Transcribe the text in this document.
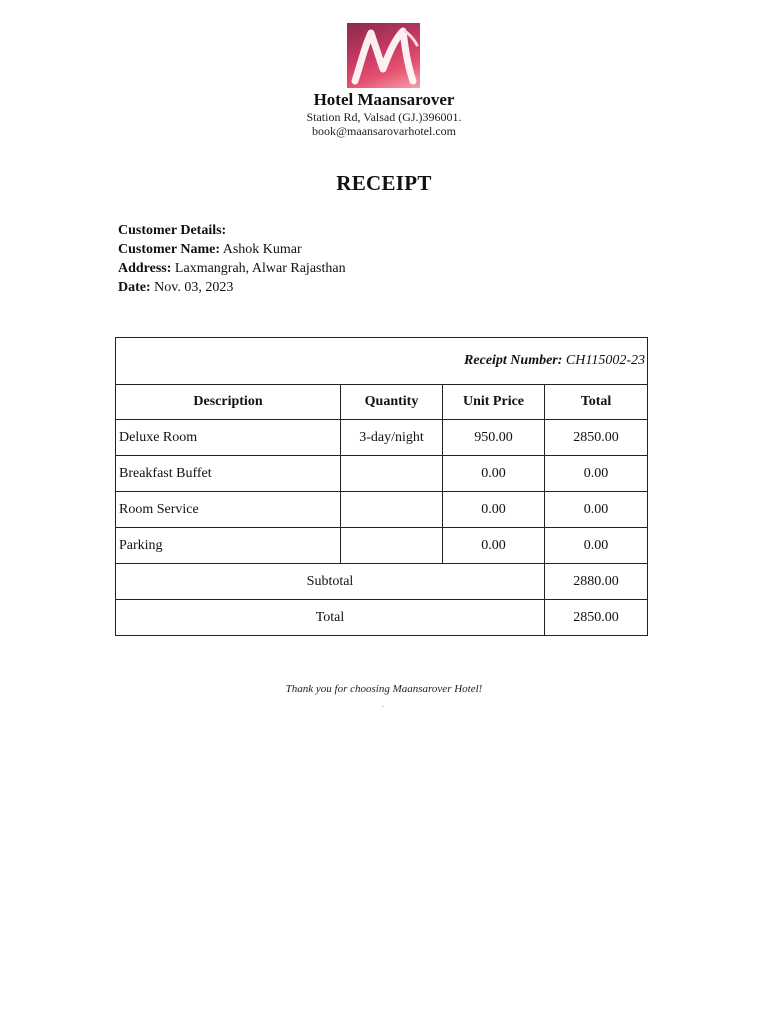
Hotel Maansarover
Station Rd, Valsad (GJ.)396001.
book@maansarovarhotel.com
RECEIPT
Customer Details:
Customer Name: Ashok Kumar
Address: Laxmangrah, Alwar Rajasthan
Date: Nov. 03, 2023
Receipt Number: CH115002-23			
Description	Quantity	Unit Price	Total
Deluxe Room	3-day/night	950.00	2850.00
Breakfast Buffet		0.00	0.00
Room Service		0.00	0.00
Parking		0.00	0.00
Subtotal			2880.00
Total			2850.00
Thank you for choosing Maansarover Hotel!
.
